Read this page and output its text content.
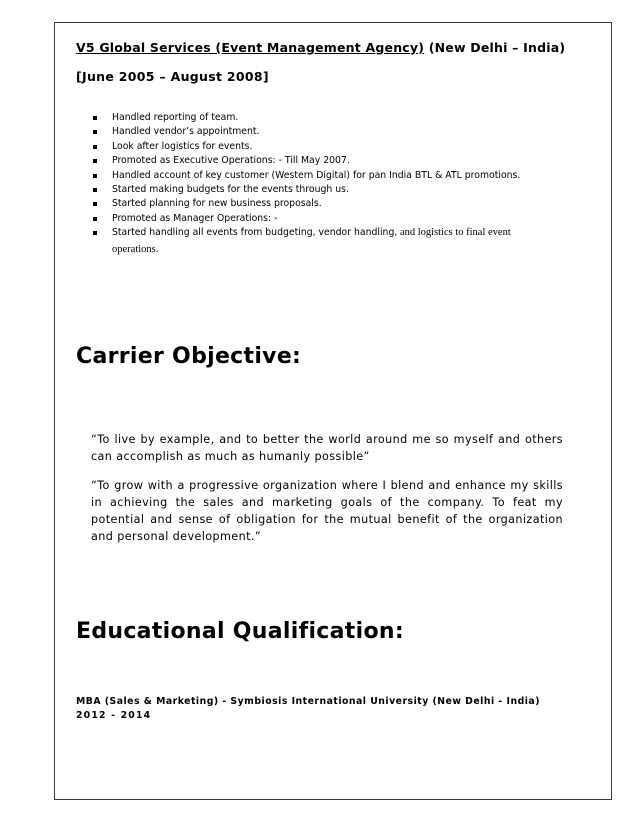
V5 Global Services (Event Management Agency) (New Delhi – India)
[June 2005 – August 2008]
Handled reporting of team.
Handled vendor’s appointment.
Look after logistics for events.
Promoted as Executive Operations: - Till May 2007.
Handled account of key customer (Western Digital) for pan India BTL & ATL promotions.
Started making budgets for the events through us.
Started planning for new business proposals.
Promoted as Manager Operations: -
Started handling all events from budgeting, vendor handling, and logistics to final event
operations.
Carrier Objective:

“To live by example, and to better the world around me so myself and others can accomplish as much as humanly possible”

“To grow with a progressive organization where I blend and enhance my skills in achieving the sales and marketing goals of the company. To feat my potential and sense of obligation for the mutual benefit of the organization and personal development.”

Educational Qualification:
MBA (Sales & Marketing) - Symbiosis International University (New Delhi - India)
2012 - 2014
